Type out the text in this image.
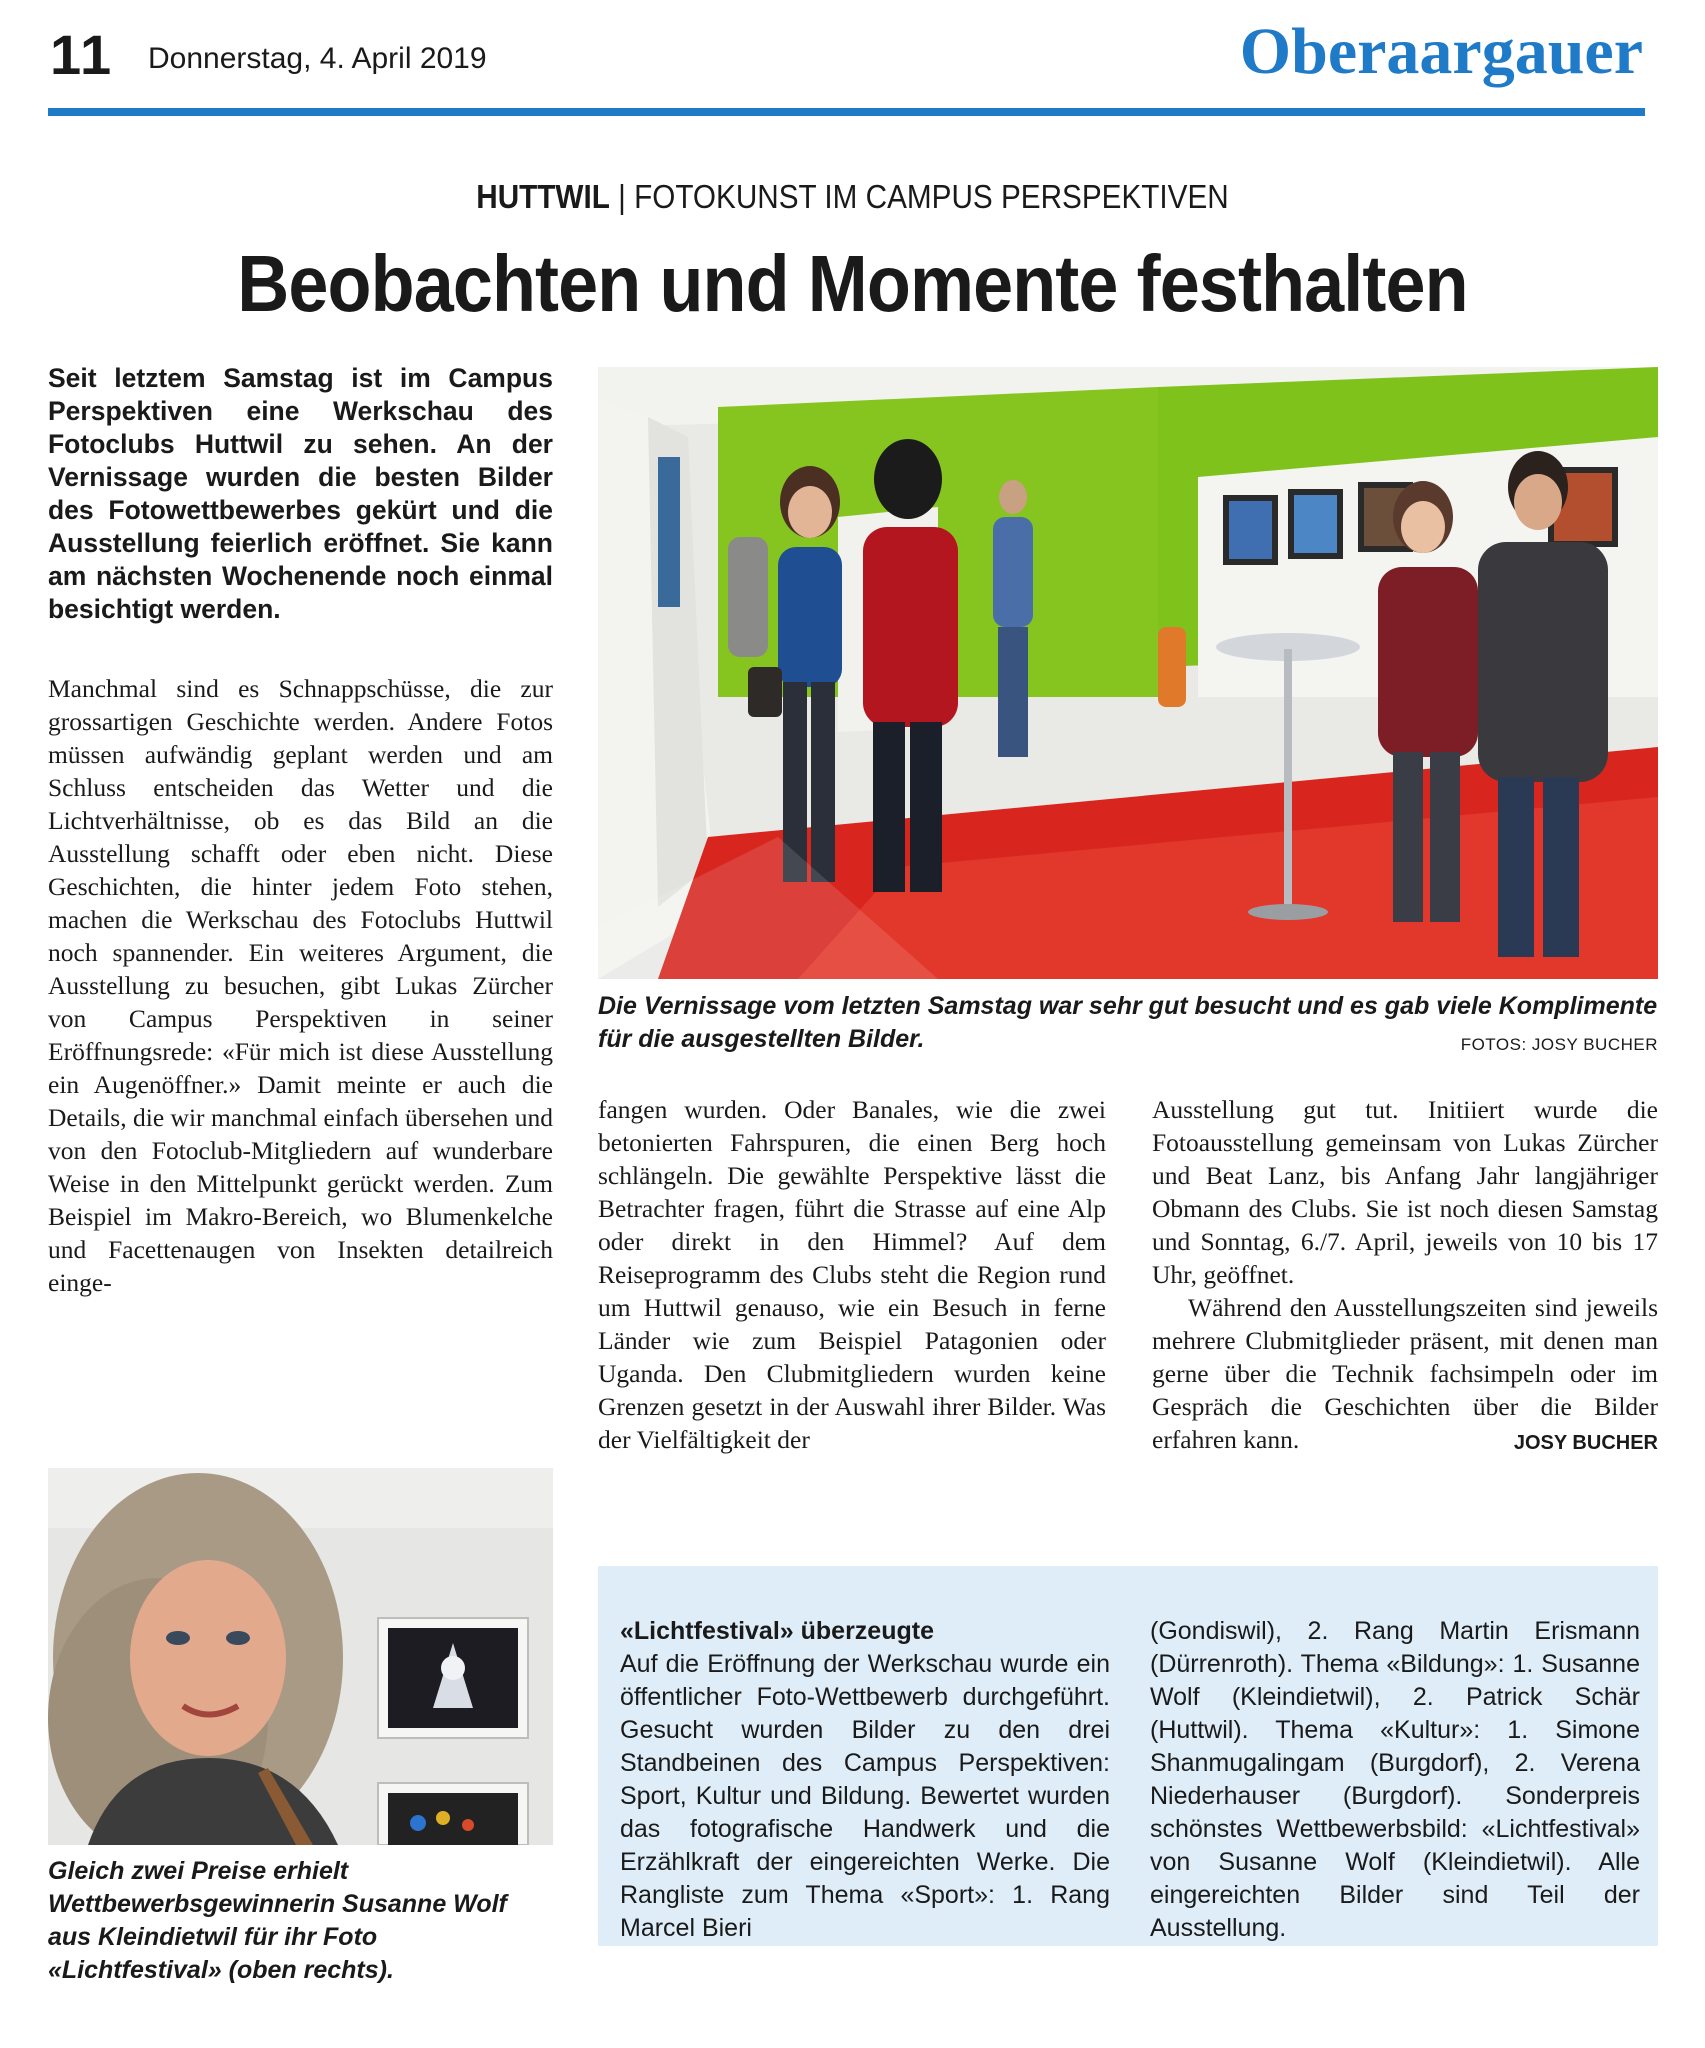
11 Donnerstag, 4. April 2019	Oberaargauer
HUTTWIL | FOTOKUNST IM CAMPUS PERSPEKTIVEN
Beobachten und Momente festhalten

Seit letztem Samstag ist im Campus Perspektiven eine Werkschau des Fotoclubs Huttwil zu sehen. An der Vernissage wurden die besten Bilder des Fotowettbewerbes gekürt und die Ausstellung feierlich eröffnet. Sie kann am nächsten Wochenende noch einmal besichtigt werden.

Die Vernissage vom letzten Samstag war sehr gut besucht und es gab viele Komplimente für die ausgestellten Bilder.	FOTOS: JOSY BUCHER
Manchmal sind es Schnappschüsse, die zur grossartigen Geschichte werden. Andere Fotos müssen aufwändig geplant werden und am Schluss entscheiden das Wetter und die Lichtverhältnisse, ob es das Bild an die Ausstellung schafft oder eben nicht. Diese Geschichten, die hinter jedem Foto stehen, machen die Werkschau des Fotoclubs Huttwil noch spannender. Ein weiteres Argument, die Ausstellung zu besuchen, gibt Lukas Zürcher von Campus Perspektiven in seiner Eröffnungsrede: «Für mich ist diese Ausstellung ein Augenöffner.» Damit meinte er auch die Details, die wir manchmal einfach übersehen und von den Fotoclub-Mitgliedern auf wunderbare Weise in den Mittelpunkt gerückt werden. Zum Beispiel im Makro-Bereich, wo Blumenkelche und Facettenaugen von Insekten detailreich einge-
Gleich zwei Preise erhielt Wettbewerbsgewinnerin Susanne Wolf aus Kleindietwil für ihr Foto «Lichtfestival» (oben rechts).
fangen wurden. Oder Banales, wie die zwei betonierten Fahrspuren, die einen Berg hoch schlängeln. Die gewählte Perspektive lässt die Betrachter fragen, führt die Strasse auf eine Alp oder direkt in den Himmel? Auf dem Reiseprogramm des Clubs steht die Region rund um Huttwil genauso, wie ein Besuch in ferne Länder wie zum Beispiel Patagonien oder Uganda. Den Clubmitgliedern wurden keine Grenzen gesetzt in der Auswahl ihrer Bilder. Was der Vielfältigkeit der
Ausstellung gut tut. Initiiert wurde die Fotoausstellung gemeinsam von Lukas Zürcher und Beat Lanz, bis Anfang Jahr langjähriger Obmann des Clubs. Sie ist noch diesen Samstag und Sonntag, 6./7. April, jeweils von 10 bis 17 Uhr, geöffnet.
Während den Ausstellungszeiten sind jeweils mehrere Clubmitglieder präsent, mit denen man gerne über die Technik fachsimpeln oder im Gespräch die Geschichten über die Bilder erfahren kann.	JOSY BUCHER
«Lichtfestival» überzeugte
Auf die Eröffnung der Werkschau wurde ein öffentlicher Foto-Wettbewerb durchgeführt. Gesucht wurden Bilder zu den drei Standbeinen des Campus Perspektiven: Sport, Kultur und Bildung. Bewertet wurden das fotografische Handwerk und die Erzählkraft der eingereichten Werke. Die Rangliste zum Thema «Sport»: 1. Rang Marcel Bieri
(Gondiswil), 2. Rang Martin Erismann (Dürrenroth). Thema «Bildung»: 1. Susanne Wolf (Kleindietwil), 2. Patrick Schär (Huttwil). Thema «Kultur»: 1. Simone Shanmugalingam (Burgdorf), 2. Verena Niederhauser (Burgdorf). Sonderpreis schönstes Wettbewerbsbild: «Lichtfestival» von Susanne Wolf (Kleindietwil). Alle eingereichten Bilder sind Teil der Ausstellung.
